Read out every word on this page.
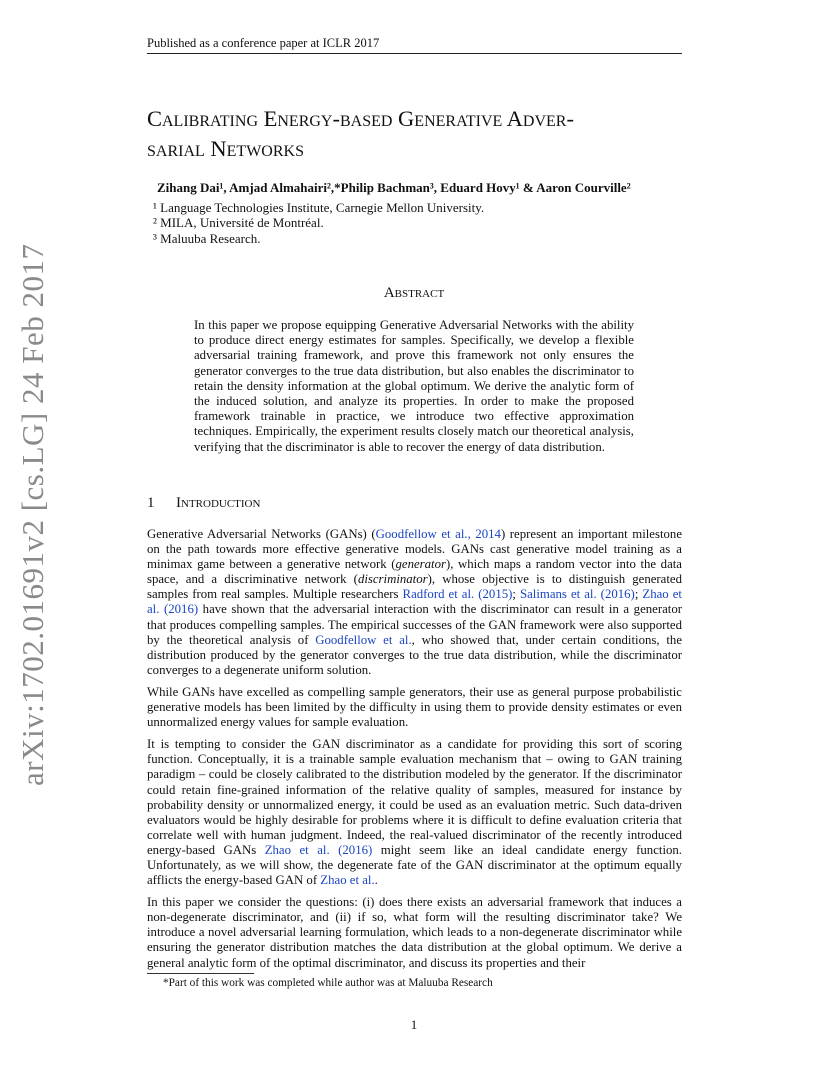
Published as a conference paper at ICLR 2017
arXiv:1702.01691v2 [cs.LG] 24 Feb 2017
Calibrating Energy-based Generative Adver-
sarial Networks
Zihang Dai¹, Amjad Almahairi²,*Philip Bachman³, Eduard Hovy¹ & Aaron Courville²
¹ Language Technologies Institute, Carnegie Mellon University.
² MILA, Université de Montréal.
³ Maluuba Research.
Abstract
In this paper we propose equipping Generative Adversarial Networks with the ability to produce direct energy estimates for samples. Specifically, we develop a flexible adversarial training framework, and prove this framework not only ensures the generator converges to the true data distribution, but also enables the discriminator to retain the density information at the global optimum. We derive the analytic form of the induced solution, and analyze its properties. In order to make the proposed framework trainable in practice, we introduce two effective approximation techniques. Empirically, the experiment results closely match our theoretical analysis, verifying that the discriminator is able to recover the energy of data distribution.
1 Introduction

Generative Adversarial Networks (GANs) (Goodfellow et al., 2014) represent an important milestone on the path towards more effective generative models. GANs cast generative model training as a minimax game between a generative network (generator), which maps a random vector into the data space, and a discriminative network (discriminator), whose objective is to distinguish generated samples from real samples. Multiple researchers Radford et al. (2015); Salimans et al. (2016); Zhao et al. (2016) have shown that the adversarial interaction with the discriminator can result in a generator that produces compelling samples. The empirical successes of the GAN framework were also supported by the theoretical analysis of Goodfellow et al., who showed that, under certain conditions, the distribution produced by the generator converges to the true data distribution, while the discriminator converges to a degenerate uniform solution.

While GANs have excelled as compelling sample generators, their use as general purpose probabilistic generative models has been limited by the difficulty in using them to provide density estimates or even unnormalized energy values for sample evaluation.

It is tempting to consider the GAN discriminator as a candidate for providing this sort of scoring function. Conceptually, it is a trainable sample evaluation mechanism that – owing to GAN training paradigm – could be closely calibrated to the distribution modeled by the generator. If the discriminator could retain fine-grained information of the relative quality of samples, measured for instance by probability density or unnormalized energy, it could be used as an evaluation metric. Such data-driven evaluators would be highly desirable for problems where it is difficult to define evaluation criteria that correlate well with human judgment. Indeed, the real-valued discriminator of the recently introduced energy-based GANs Zhao et al. (2016) might seem like an ideal candidate energy function. Unfortunately, as we will show, the degenerate fate of the GAN discriminator at the optimum equally afflicts the energy-based GAN of Zhao et al..

In this paper we consider the questions: (i) does there exists an adversarial framework that induces a non-degenerate discriminator, and (ii) if so, what form will the resulting discriminator take? We introduce a novel adversarial learning formulation, which leads to a non-degenerate discriminator while ensuring the generator distribution matches the data distribution at the global optimum. We derive a general analytic form of the optimal discriminator, and discuss its properties and their

*Part of this work was completed while author was at Maluuba Research
1
